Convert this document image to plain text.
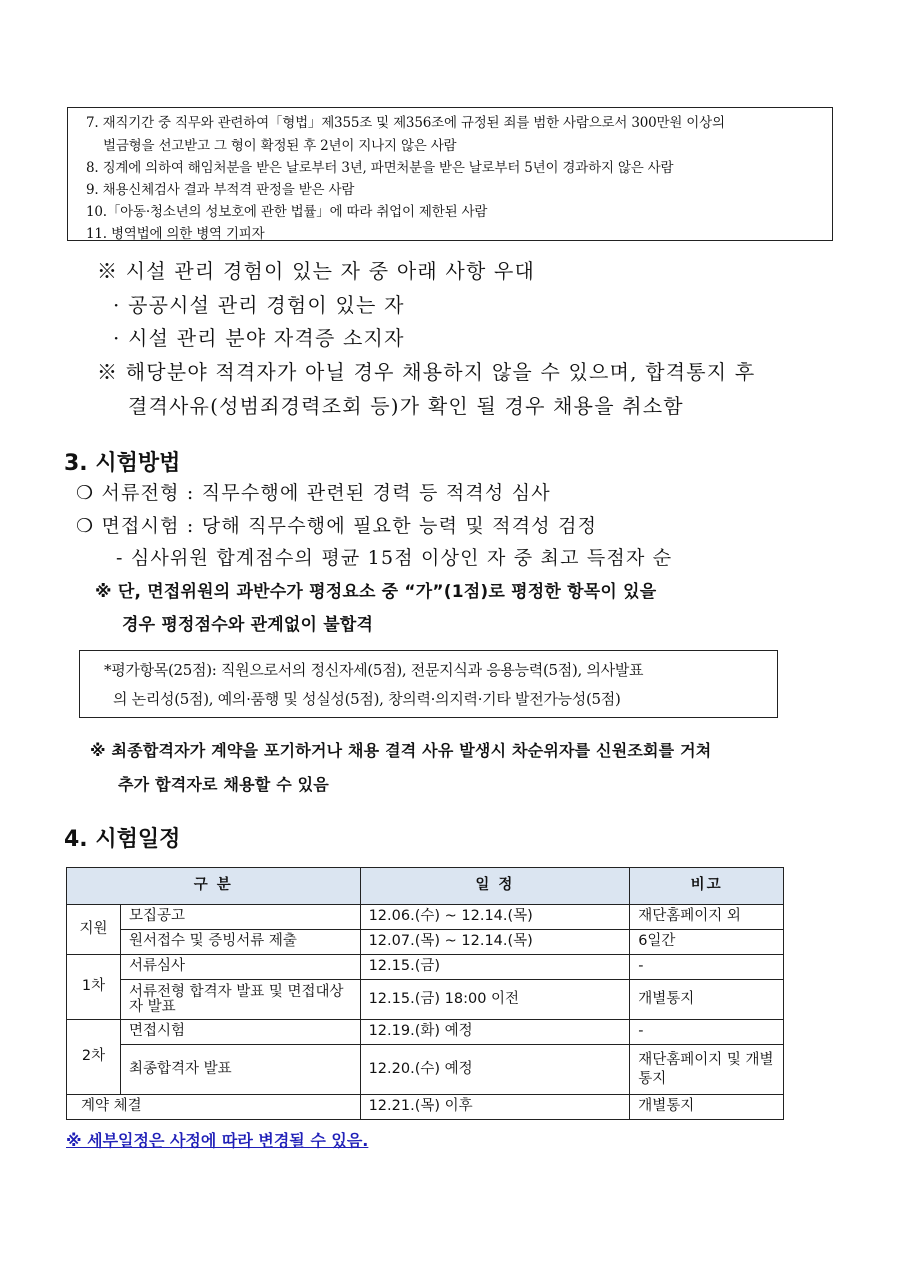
7. 재직기간 중 직무와 관련하여「형법」제355조 및 제356조에 규정된 죄를 범한 사람으로서 300만원 이상의
벌금형을 선고받고 그 형이 확정된 후 2년이 지나지 않은 사람
8. 징계에 의하여 해임처분을 받은 날로부터 3년, 파면처분을 받은 날로부터 5년이 경과하지 않은 사람
9. 채용신체검사 결과 부적격 판정을 받은 사람
10.「아동·청소년의 성보호에 관한 법률」에 따라 취업이 제한된 사람
11. 병역법에 의한 병역 기피자
※ 시설 관리 경험이 있는 자 중 아래 사항 우대
· 공공시설 관리 경험이 있는 자
· 시설 관리 분야 자격증 소지자
※ 해당분야 적격자가 아닐 경우 채용하지 않을 수 있으며, 합격통지 후
결격사유(성범죄경력조회 등)가 확인 될 경우 채용을 취소함
3. 시험방법
❍ 서류전형 : 직무수행에 관련된 경력 등 적격성 심사
❍ 면접시험 : 당해 직무수행에 필요한 능력 및 적격성 검정
- 심사위원 합계점수의 평균 15점 이상인 자 중 최고 득점자 순
※ 단, 면접위원의 과반수가 평정요소 중 “가”(1점)로 평정한 항목이 있을
경우 평정점수와 관계없이 불합격
*평가항목(25점): 직원으로서의 정신자세(5점), 전문지식과 응용능력(5점), 의사발표
의 논리성(5점), 예의·품행 및 성실성(5점), 창의력·의지력·기타 발전가능성(5점)
※ 최종합격자가 계약을 포기하거나 채용 결격 사유 발생시 차순위자를 신원조회를 거쳐
추가 합격자로 채용할 수 있음
4. 시험일정
구 분		일 정	비고
지원	모집공고	12.06.(수) ~ 12.14.(목)	재단홈페이지 외
	원서접수 및 증빙서류 제출	12.07.(목) ~ 12.14.(목)	6일간
1차	서류심사	12.15.(금)	-
	서류전형 합격자 발표 및 면접대상자 발표	12.15.(금) 18:00 이전	개별통지
2차	면접시험	12.19.(화) 예정	-
	최종합격자 발표	12.20.(수) 예정	재단홈페이지 및 개별통지
계약 체결		12.21.(목) 이후	개별통지
※ 세부일정은 사정에 따라 변경될 수 있음.
